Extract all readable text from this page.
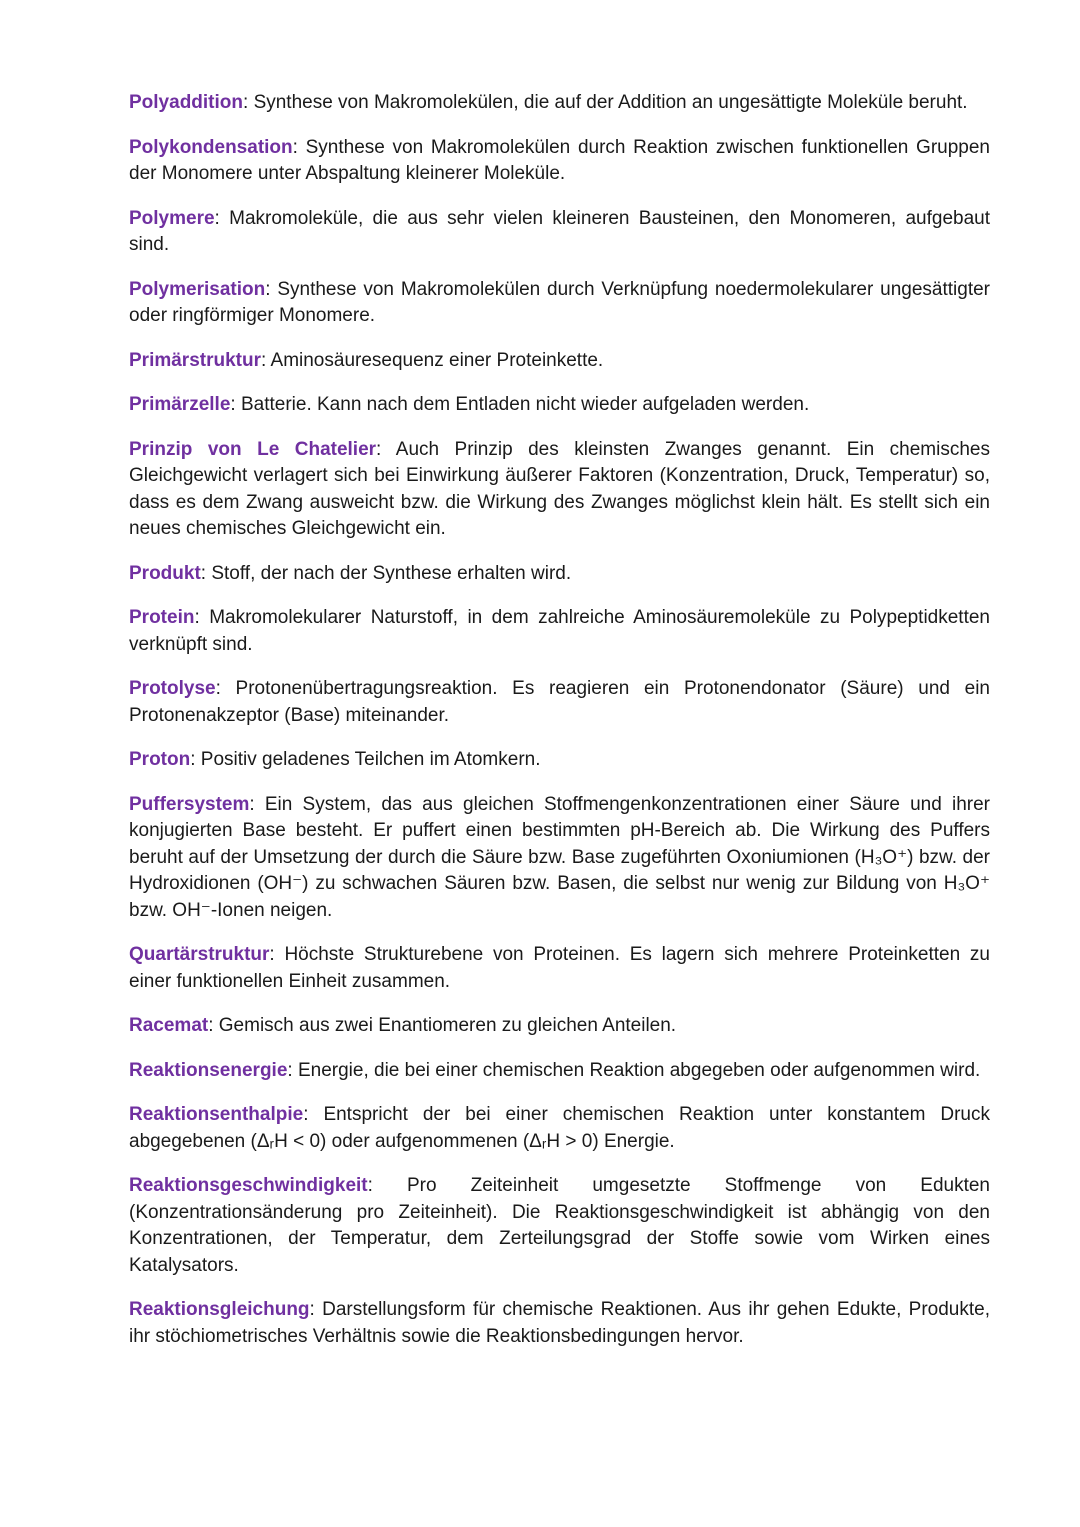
Polyaddition: Synthese von Makromolekülen, die auf der Addition an ungesättigte Moleküle beruht.

Polykondensation: Synthese von Makromolekülen durch Reaktion zwischen funktionellen Gruppen der Monomere unter Abspaltung kleinerer Moleküle.

Polymere: Makromoleküle, die aus sehr vielen kleineren Bausteinen, den Monomeren, aufgebaut sind.

Polymerisation: Synthese von Makromolekülen durch Verknüpfung noedermolekularer ungesättigter oder ringförmiger Monomere.

Primärstruktur: Aminosäuresequenz einer Proteinkette.

Primärzelle: Batterie. Kann nach dem Entladen nicht wieder aufgeladen werden.

Prinzip von Le Chatelier: Auch Prinzip des kleinsten Zwanges genannt. Ein chemisches Gleichgewicht verlagert sich bei Einwirkung äußerer Faktoren (Konzentration, Druck, Temperatur) so, dass es dem Zwang ausweicht bzw. die Wirkung des Zwanges möglichst klein hält. Es stellt sich ein neues chemisches Gleichgewicht ein.

Produkt: Stoff, der nach der Synthese erhalten wird.

Protein: Makromolekularer Naturstoff, in dem zahlreiche Aminosäuremoleküle zu Polypeptidketten verknüpft sind.

Protolyse: Protonenübertragungsreaktion. Es reagieren ein Protonendonator (Säure) und ein Protonenakzeptor (Base) miteinander.

Proton: Positiv geladenes Teilchen im Atomkern.

Puffersystem: Ein System, das aus gleichen Stoffmengenkonzentrationen einer Säure und ihrer konjugierten Base besteht. Er puffert einen bestimmten pH-Bereich ab. Die Wirkung des Puffers beruht auf der Umsetzung der durch die Säure bzw. Base zugeführten Oxoniumionen (H₃O⁺) bzw. der Hydroxidionen (OH⁻) zu schwachen Säuren bzw. Basen, die selbst nur wenig zur Bildung von H₃O⁺ bzw. OH⁻-Ionen neigen.

Quartärstruktur: Höchste Strukturebene von Proteinen. Es lagern sich mehrere Proteinketten zu einer funktionellen Einheit zusammen.

Racemat: Gemisch aus zwei Enantiomeren zu gleichen Anteilen.

Reaktionsenergie: Energie, die bei einer chemischen Reaktion abgegeben oder aufgenommen wird.

Reaktionsenthalpie: Entspricht der bei einer chemischen Reaktion unter konstantem Druck abgegebenen (ΔᵣH < 0) oder aufgenommenen (ΔᵣH > 0) Energie.

Reaktionsgeschwindigkeit: Pro Zeiteinheit umgesetzte Stoffmenge von Edukten (Konzentrationsänderung pro Zeiteinheit). Die Reaktionsgeschwindigkeit ist abhängig von den Konzentrationen, der Temperatur, dem Zerteilungsgrad der Stoffe sowie vom Wirken eines Katalysators.

Reaktionsgleichung: Darstellungsform für chemische Reaktionen. Aus ihr gehen Edukte, Produkte, ihr stöchiometrisches Verhältnis sowie die Reaktionsbedingungen hervor.
